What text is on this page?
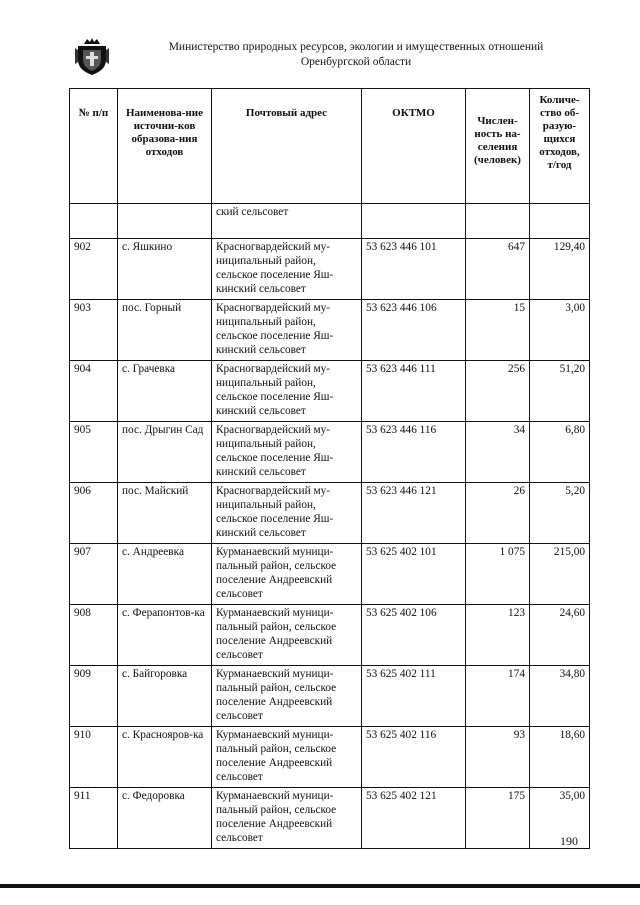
Министерство природных ресурсов, экологии и имущественных отношений
Оренбургской области
№ п/п	Наименова-ние источни-ков образова-ния отходов	Почтовый адрес	ОКТМО	Числен-ность на-селения (человек)	Количе-ство об-разую-щихся отходов, т/год
		ский сельсовет			
902	с. Яшкино	Красногвардейский му-ниципальный район, сельское поселение Яш-кинский сельсовет	53 623 446 101	647	129,40
903	пос. Горный	Красногвардейский му-ниципальный район, сельское поселение Яш-кинский сельсовет	53 623 446 106	15	3,00
904	с. Грачевка	Красногвардейский му-ниципальный район, сельское поселение Яш-кинский сельсовет	53 623 446 111	256	51,20
905	пос. Дрыгин Сад	Красногвардейский му-ниципальный район, сельское поселение Яш-кинский сельсовет	53 623 446 116	34	6,80
906	пос. Майский	Красногвардейский му-ниципальный район, сельское поселение Яш-кинский сельсовет	53 623 446 121	26	5,20
907	с. Андреевка	Курманаевский муници-пальный район, сельское поселение Андреевский сельсовет	53 625 402 101	1 075	215,00
908	с. Ферапонтов-ка	Курманаевский муници-пальный район, сельское поселение Андреевский сельсовет	53 625 402 106	123	24,60
909	с. Байгоровка	Курманаевский муници-пальный район, сельское поселение Андреевский сельсовет	53 625 402 111	174	34,80
910	с. Краснояров-ка	Курманаевский муници-пальный район, сельское поселение Андреевский сельсовет	53 625 402 116	93	18,60
911	с. Федоровка	Курманаевский муници-пальный район, сельское поселение Андреевский сельсовет	53 625 402 121	175	35,00
190
